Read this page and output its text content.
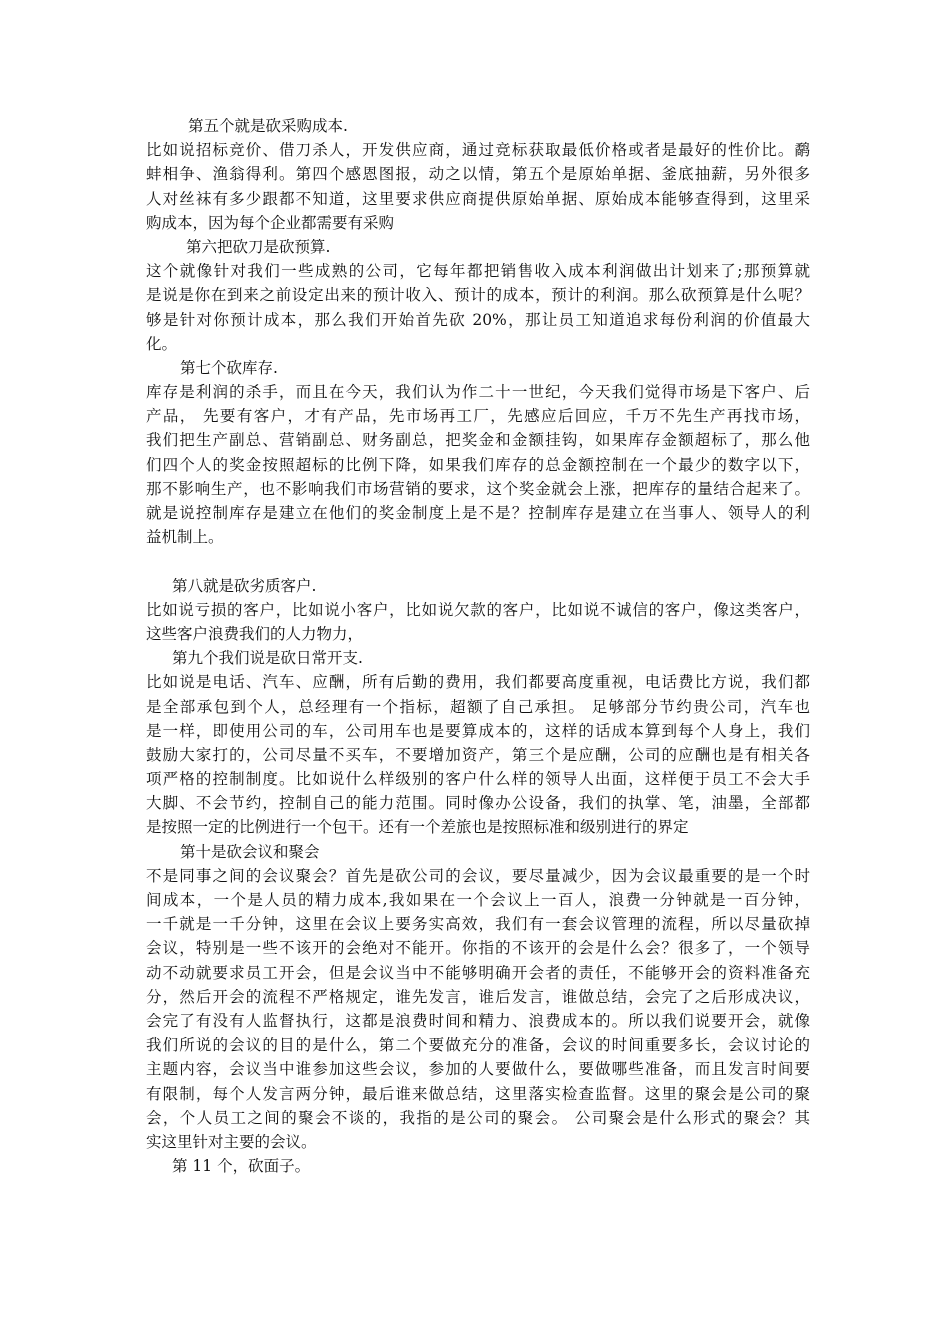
第五个就是砍采购成本.
比如说招标竞价、借刀杀人，开发供应商，通过竞标获取最低价格或者是最好的性价比。鹬
蚌相争、渔翁得利。第四个感恩图报，动之以情，第五个是原始单据、釜底抽薪，另外很多
人对丝袜有多少跟都不知道，这里要求供应商提供原始单据、原始成本能够查得到，这里采
购成本，因为每个企业都需要有采购
第六把砍刀是砍预算.
这个就像针对我们一些成熟的公司，它每年都把销售收入成本利润做出计划来了;那预算就
是说是你在到来之前设定出来的预计收入、预计的成本，预计的利润。那么砍预算是什么呢？
够是针对你预计成本，那么我们开始首先砍 20%，那让员工知道追求每份利润的价值最大
化。
第七个砍库存.
库存是利润的杀手，而且在今天，我们认为作二十一世纪，今天我们觉得市场是下客户、后
产品， 先要有客户，才有产品，先市场再工厂，先感应后回应，千万不先生产再找市场，
我们把生产副总、营销副总、财务副总，把奖金和金额挂钩，如果库存金额超标了，那么他
们四个人的奖金按照超标的比例下降，如果我们库存的总金额控制在一个最少的数字以下，
那不影响生产，也不影响我们市场营销的要求，这个奖金就会上涨，把库存的量结合起来了。
就是说控制库存是建立在他们的奖金制度上是不是？控制库存是建立在当事人、领导人的利
益机制上。
第八就是砍劣质客户.
比如说亏损的客户，比如说小客户，比如说欠款的客户，比如说不诚信的客户，像这类客户，
这些客户浪费我们的人力物力，
第九个我们说是砍日常开支.
比如说是电话、汽车、应酬，所有后勤的费用，我们都要高度重视，电话费比方说，我们都
是全部承包到个人，总经理有一个指标，超额了自己承担。 足够部分节约贵公司，汽车也
是一样，即使用公司的车，公司用车也是要算成本的，这样的话成本算到每个人身上，我们
鼓励大家打的，公司尽量不买车，不要增加资产，第三个是应酬，公司的应酬也是有相关各
项严格的控制制度。比如说什么样级别的客户什么样的领导人出面，这样便于员工不会大手
大脚、不会节约，控制自己的能力范围。同时像办公设备，我们的执掌、笔，油墨，全部都
是按照一定的比例进行一个包干。还有一个差旅也是按照标准和级别进行的界定
第十是砍会议和聚会
不是同事之间的会议聚会？首先是砍公司的会议，要尽量减少，因为会议最重要的是一个时
间成本，一个是人员的精力成本,我如果在一个会议上一百人，浪费一分钟就是一百分钟，
一千就是一千分钟，这里在会议上要务实高效，我们有一套会议管理的流程，所以尽量砍掉
会议，特别是一些不该开的会绝对不能开。你指的不该开的会是什么会？很多了，一个领导
动不动就要求员工开会，但是会议当中不能够明确开会者的责任，不能够开会的资料准备充
分，然后开会的流程不严格规定，谁先发言，谁后发言，谁做总结，会完了之后形成决议，
会完了有没有人监督执行，这都是浪费时间和精力、浪费成本的。所以我们说要开会，就像
我们所说的会议的目的是什么，第二个要做充分的准备，会议的时间重要多长，会议讨论的
主题内容，会议当中谁参加这些会议，参加的人要做什么，要做哪些准备，而且发言时间要
有限制，每个人发言两分钟，最后谁来做总结，这里落实检查监督。这里的聚会是公司的聚
会，个人员工之间的聚会不谈的，我指的是公司的聚会。 公司聚会是什么形式的聚会？其
实这里针对主要的会议。
第 11 个，砍面子。
